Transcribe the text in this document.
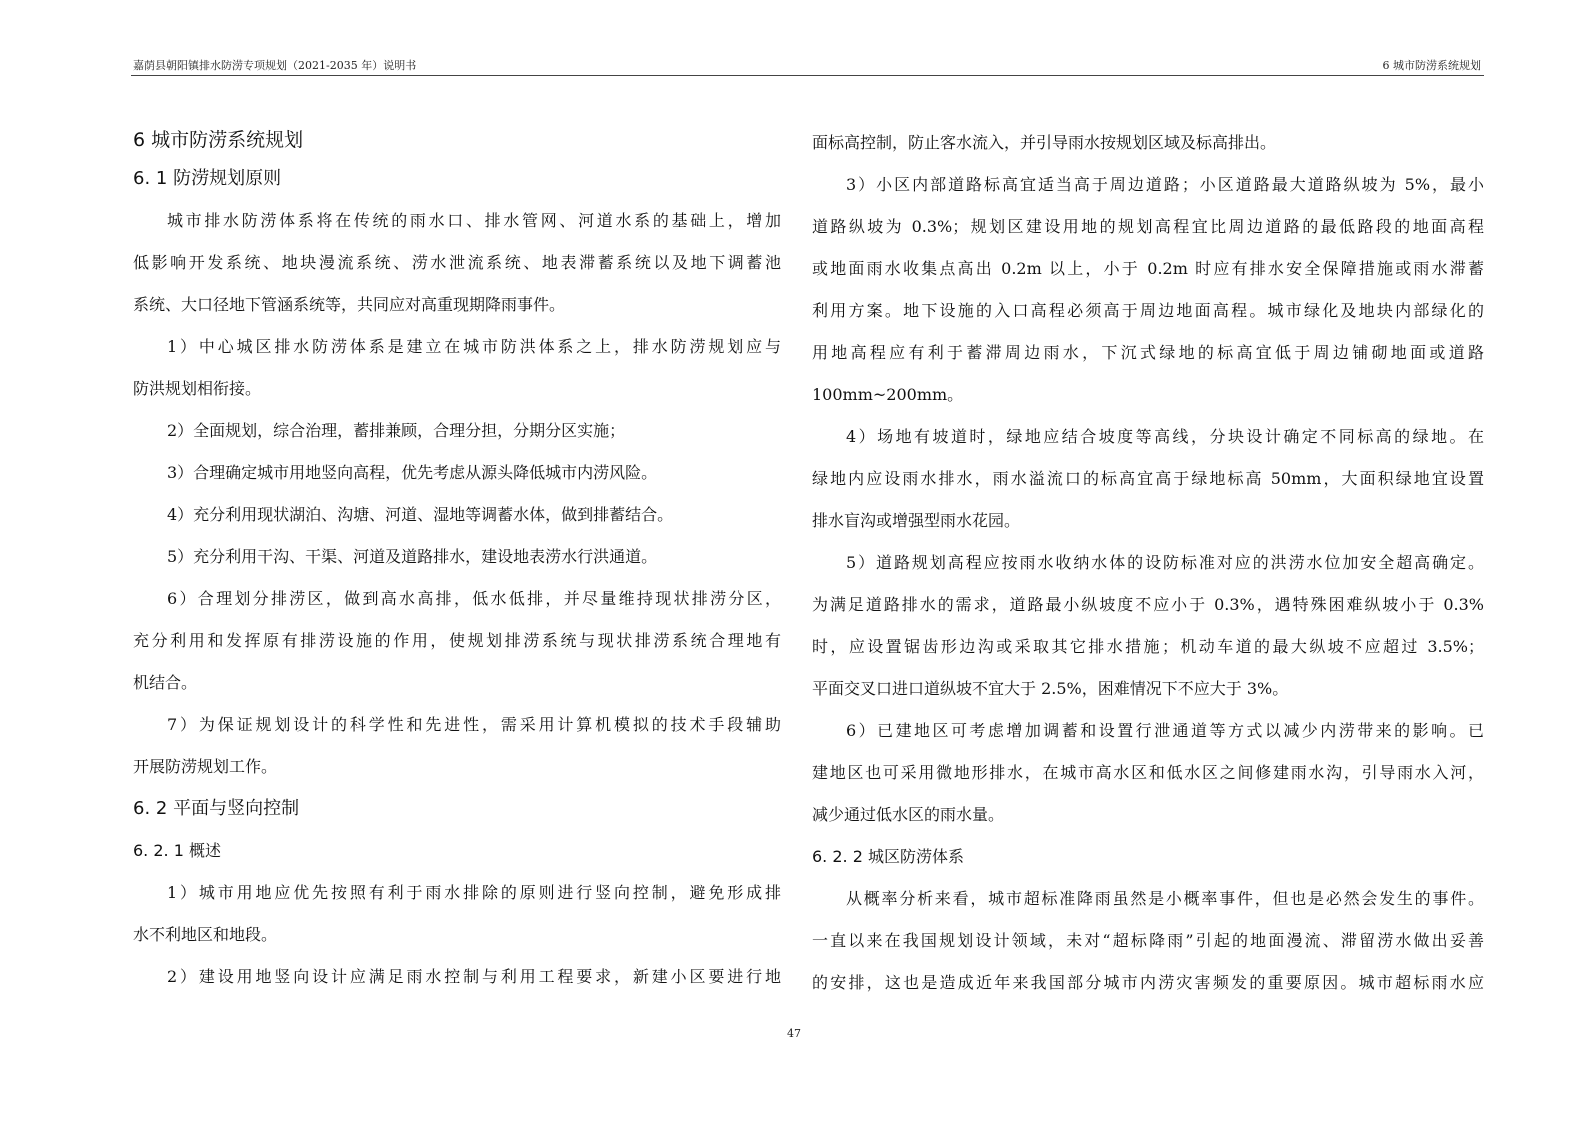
嘉荫县朝阳镇排水防涝专项规划（2021-2035 年）说明书	6 城市防涝系统规划
6 城市防涝系统规划
6. 1 防涝规划原则
城市排水防涝体系将在传统的雨水口、排水管网、河道水系的基础上，增加
低影响开发系统、地块漫流系统、涝水泄流系统、地表滞蓄系统以及地下调蓄池
系统、大口径地下管涵系统等，共同应对高重现期降雨事件。
1）中心城区排水防涝体系是建立在城市防洪体系之上，排水防涝规划应与
防洪规划相衔接。
2）全面规划，综合治理，蓄排兼顾，合理分担，分期分区实施；
3）合理确定城市用地竖向高程，优先考虑从源头降低城市内涝风险。
4）充分利用现状湖泊、沟塘、河道、湿地等调蓄水体，做到排蓄结合。
5）充分利用干沟、干渠、河道及道路排水，建设地表涝水行洪通道。
6）合理划分排涝区，做到高水高排，低水低排，并尽量维持现状排涝分区，
充分利用和发挥原有排涝设施的作用，使规划排涝系统与现状排涝系统合理地有
机结合。
7）为保证规划设计的科学性和先进性，需采用计算机模拟的技术手段辅助
开展防涝规划工作。
6. 2 平面与竖向控制
6. 2. 1 概述
1）城市用地应优先按照有利于雨水排除的原则进行竖向控制，避免形成排
水不利地区和地段。
2）建设用地竖向设计应满足雨水控制与利用工程要求，新建小区要进行地
面标高控制，防止客水流入，并引导雨水按规划区域及标高排出。
3）小区内部道路标高宜适当高于周边道路；小区道路最大道路纵坡为 5%，最小
道路纵坡为 0.3%；规划区建设用地的规划高程宜比周边道路的最低路段的地面高程
或地面雨水收集点高出 0.2m 以上，小于 0.2m 时应有排水安全保障措施或雨水滞蓄
利用方案。地下设施的入口高程必须高于周边地面高程。城市绿化及地块内部绿化的
用地高程应有利于蓄滞周边雨水，下沉式绿地的标高宜低于周边铺砌地面或道路
100mm~200mm。
4）场地有坡道时，绿地应结合坡度等高线，分块设计确定不同标高的绿地。在
绿地内应设雨水排水，雨水溢流口的标高宜高于绿地标高 50mm，大面积绿地宜设置
排水盲沟或增强型雨水花园。
5）道路规划高程应按雨水收纳水体的设防标准对应的洪涝水位加安全超高确定。
为满足道路排水的需求，道路最小纵坡度不应小于 0.3%，遇特殊困难纵坡小于 0.3%
时，应设置锯齿形边沟或采取其它排水措施；机动车道的最大纵坡不应超过 3.5%；
平面交叉口进口道纵坡不宜大于 2.5%，困难情况下不应大于 3%。
6）已建地区可考虑增加调蓄和设置行泄通道等方式以减少内涝带来的影响。已
建地区也可采用微地形排水，在城市高水区和低水区之间修建雨水沟，引导雨水入河，
减少通过低水区的雨水量。
6. 2. 2 城区防涝体系
从概率分析来看，城市超标准降雨虽然是小概率事件，但也是必然会发生的事件。
一直以来在我国规划设计领域，未对“超标降雨”引起的地面漫流、滞留涝水做出妥善
的安排，这也是造成近年来我国部分城市内涝灾害频发的重要原因。城市超标雨水应
47
